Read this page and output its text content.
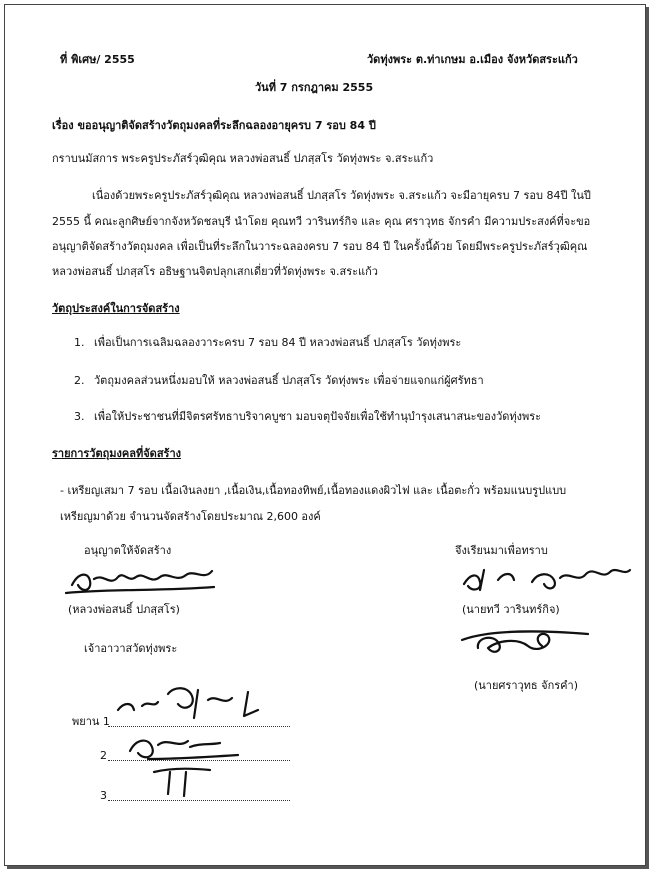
ที่ พิเศษ/ 2555	วัดทุ่งพระ ต.ท่าเกษม อ.เมือง จังหวัดสระแก้ว
วันที่ 7 กรกฎาคม 2555
เรื่อง ขออนุญาติจัดสร้างวัตถุมงคลที่ระลึกฉลองอายุครบ 7 รอบ 84 ปี
กราบนมัสการ พระครูประภัสร์วุฒิคุณ หลวงพ่อสนธิ์ ปภสฺสโร วัดทุ่งพระ จ.สระแก้ว
เนื่องด้วยพระครูประภัสร์วุฒิคุณ หลวงพ่อสนธิ์ ปภสฺสโร วัดทุ่งพระ จ.สระแก้ว จะมีอายุครบ 7 รอบ 84ปี ในปี
2555 นี้ คณะลูกศิษย์จากจังหวัดชลบุรี นำโดย คุณทวี วารินทร์กิจ และ คุณ ศราวุทธ จักรคำ มีความประสงค์ที่จะขอ
อนุญาติจัดสร้างวัตถุมงคล เพื่อเป็นที่ระลึกในวาระฉลองครบ 7 รอบ 84 ปี ในครั้งนี้ด้วย โดยมีพระครูประภัสร์วุฒิคุณ
หลวงพ่อสนธิ์ ปภสฺสโร อธิษฐานจิตปลุกเสกเดี่ยวที่วัดทุ่งพระ จ.สระแก้ว
วัตถุประสงค์ในการจัดสร้าง
1. เพื่อเป็นการเฉลิมฉลองวาระครบ 7 รอบ 84 ปี หลวงพ่อสนธิ์ ปภสฺสโร วัดทุ่งพระ
2. วัตถุมงคลส่วนหนึ่งมอบให้ หลวงพ่อสนธิ์ ปภสฺสโร วัดทุ่งพระ เพื่อจ่ายแจกแก่ผู้ศรัทธา
3. เพื่อให้ประชาชนที่มีจิตรศรัทธาบริจาคบูชา มอบจตุปัจจัยเพื่อใช้ทำนุบำรุงเสนาสนะของวัดทุ่งพระ
รายการวัตถุมงคลที่จัดสร้าง
- เหรียญเสมา 7 รอบ เนื้อเงินลงยา ,เนื้อเงิน,เนื้อทองทิพย์,เนื้อทองแดงผิวไฟ และ เนื้อตะกั่ว พร้อมแนบรูปแบบ
เหรียญมาด้วย จำนวนจัดสร้างโดยประมาณ 2,600 องค์
อนุญาตให้จัดสร้าง
(หลวงพ่อสนธิ์ ปภสฺสโร)
เจ้าอาวาสวัดทุ่งพระ
จึงเรียนมาเพื่อทราบ
(นายทวี วารินทร์กิจ)
(นายศราวุทธ จักรคำ)
พยาน 1
2
3
